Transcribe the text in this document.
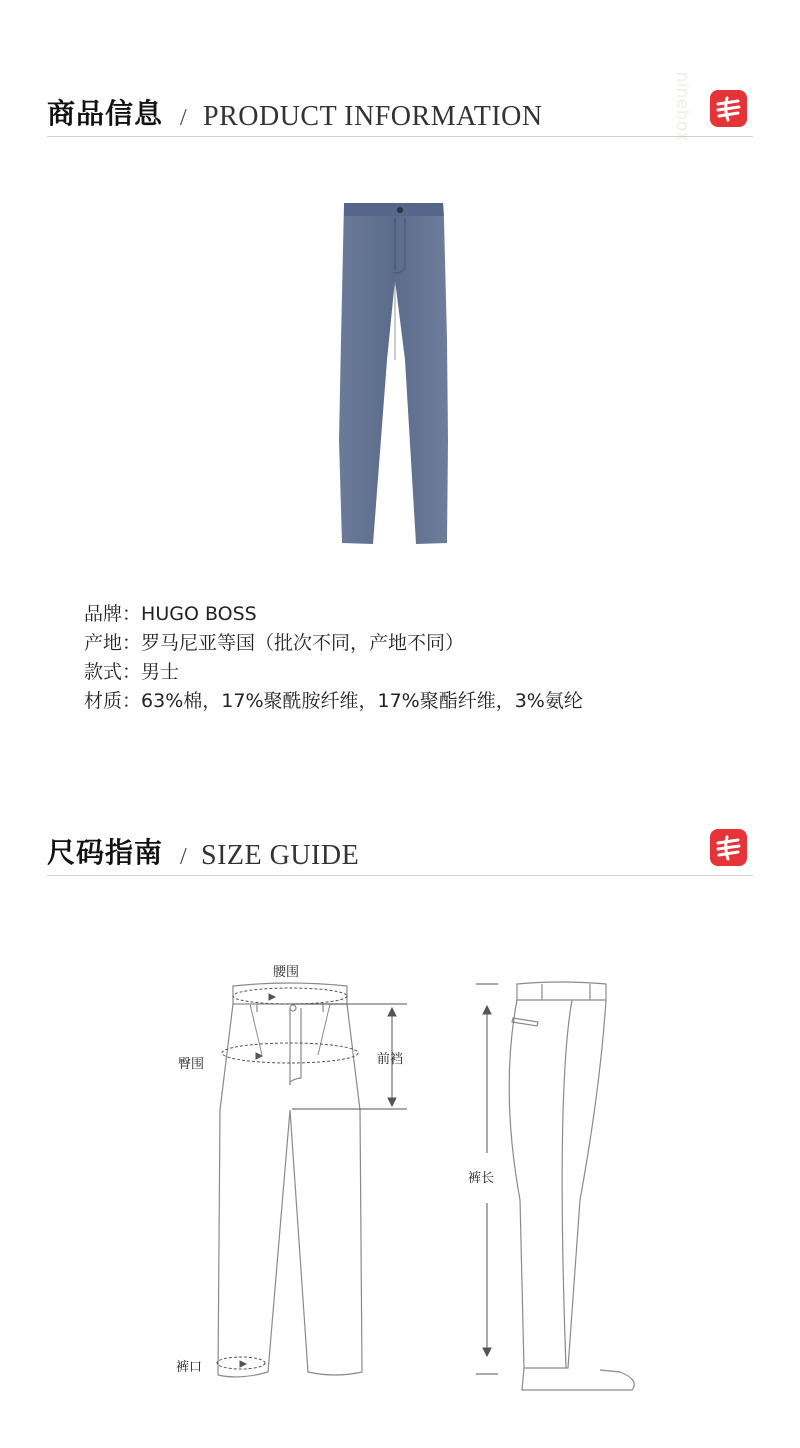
ninebox
商品信息 / PRODUCT INFORMATION
品牌：HUGO BOSS
产地：罗马尼亚等国（批次不同，产地不同）
款式：男士
材质：63%棉，17%聚酰胺纤维，17%聚酯纤维，3%氨纶
尺码指南 / SIZE GUIDE
腰围
臀围	前裆
裤长
裤口
